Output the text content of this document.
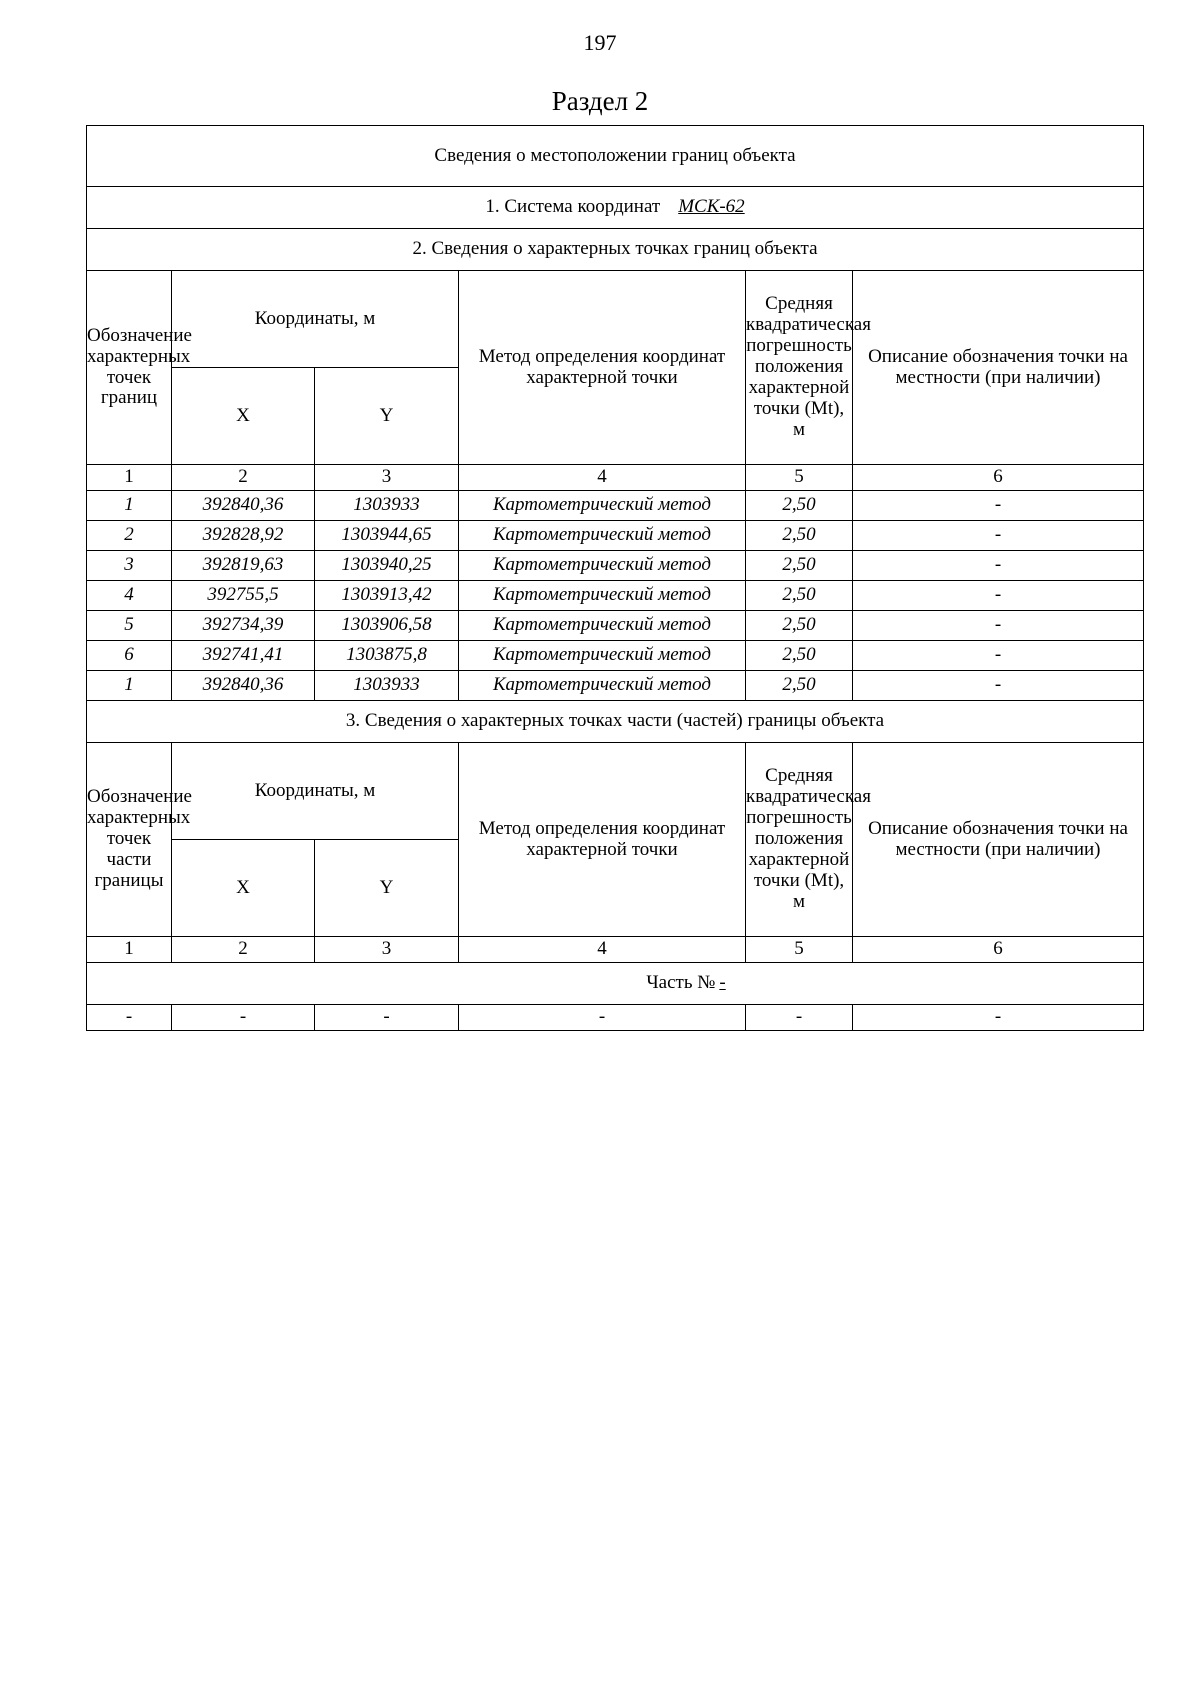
197
Раздел 2
Сведения о местоположении границ объекта					
1. Система координат МСК-62					
2. Сведения о характерных точках границ объекта					
Обозначение характерных точек границ	Координаты, м		Метод определения координат характерной точки	Средняя квадратическая погрешность положения характерной точки (Mt), м	Описание обозначения точки на местности (при наличии)
	X	Y			
1	2	3	4	5	6
1	392840,36	1303933	Картометрический метод	2,50	-
2	392828,92	1303944,65	Картометрический метод	2,50	-
3	392819,63	1303940,25	Картометрический метод	2,50	-
4	392755,5	1303913,42	Картометрический метод	2,50	-
5	392734,39	1303906,58	Картометрический метод	2,50	-
6	392741,41	1303875,8	Картометрический метод	2,50	-
1	392840,36	1303933	Картометрический метод	2,50	-
3. Сведения о характерных точках части (частей) границы объекта					
Обозначение характерных точек части границы	Координаты, м		Метод определения координат характерной точки	Средняя квадратическая погрешность положения характерной точки (Mt), м	Описание обозначения точки на местности (при наличии)
	X	Y			
1	2	3	4	5	6
Часть № -					
-	-	-	-	-	-
